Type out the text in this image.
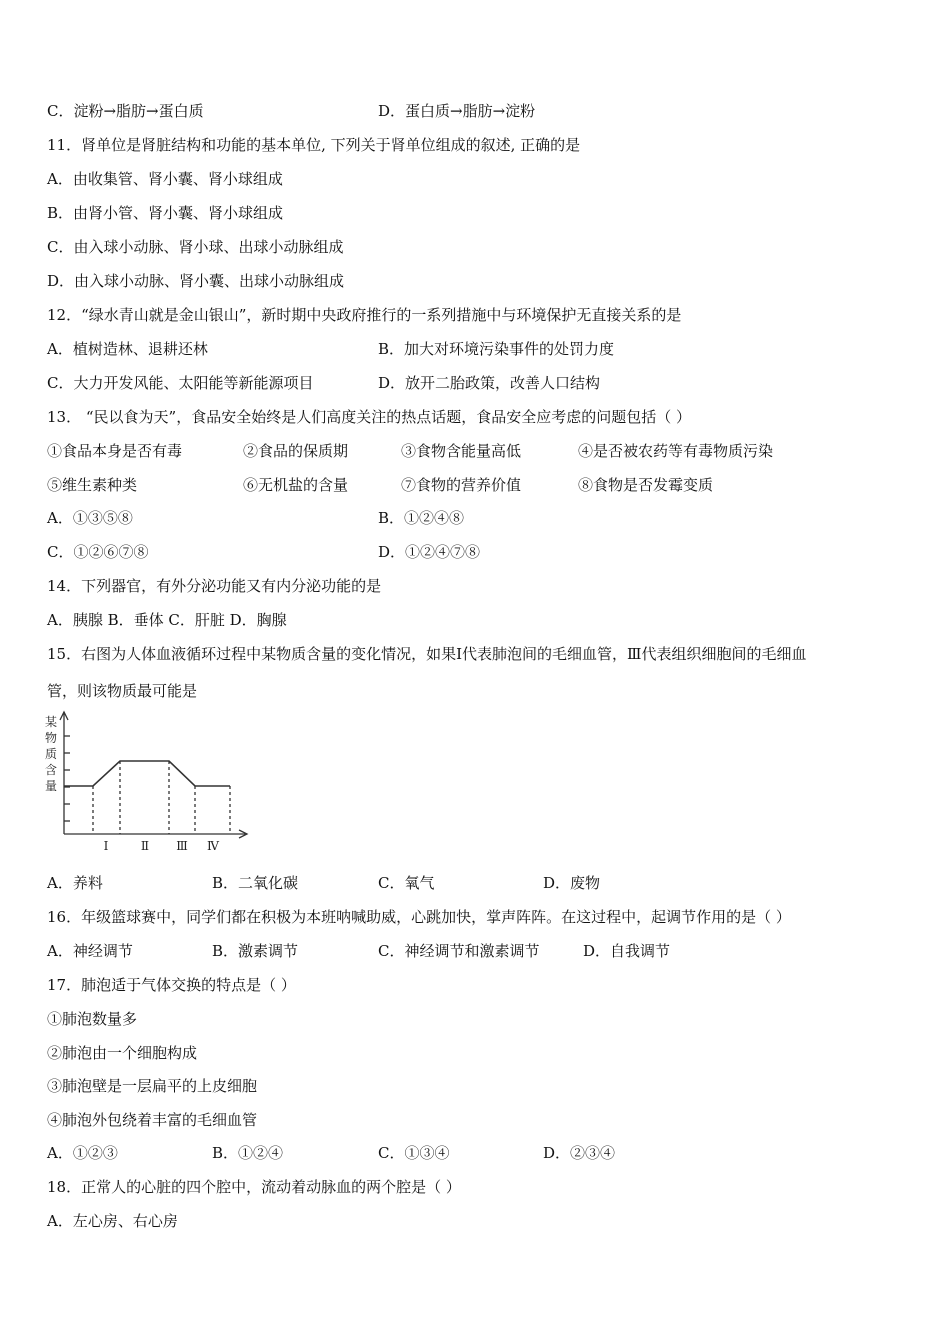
C．淀粉→脂肪→蛋白质	D．蛋白质→脂肪→淀粉
11．肾单位是肾脏结构和功能的基本单位, 下列关于肾单位组成的叙述, 正确的是
A．由收集管、肾小囊、肾小球组成
B．由肾小管、肾小囊、肾小球组成
C．由入球小动脉、肾小球、出球小动脉组成
D．由入球小动脉、肾小囊、出球小动脉组成
12．“绿水青山就是金山银山”，新时期中央政府推行的一系列措施中与环境保护无直接关系的是
A．植树造林、退耕还林	B．加大对环境污染事件的处罚力度
C．大力开发风能、太阳能等新能源项目	D．放开二胎政策，改善人口结构
13． “民以食为天”，食品安全始终是人们高度关注的热点话题，食品安全应考虑的问题包括（ ）
①食品本身是否有毒	②食品的保质期	③食物含能量高低	④是否被农药等有毒物质污染
⑤维生素种类	⑥无机盐的含量	⑦食物的营养价值	⑧食物是否发霉变质
A．①③⑤⑧	B．①②④⑧
C．①②⑥⑦⑧	D．①②④⑦⑧
14．下列器官，有外分泌功能又有内分泌功能的是
A．胰腺 B．垂体 C．肝脏 D．胸腺
15．右图为人体血液循环过程中某物质含量的变化情况，如果Ⅰ代表肺泡间的毛细血管，Ⅲ代表组织细胞间的毛细血
管，则该物质最可能是
某
物
质
含
量
Ⅰ	Ⅱ Ⅲ Ⅳ
A．养料	B．二氧化碳	C．氧气	D．废物
16．年级篮球赛中，同学们都在积极为本班呐喊助威，心跳加快，掌声阵阵。在这过程中，起调节作用的是（ ）
A．神经调节	B．激素调节	C．神经调节和激素调节	D．自我调节
17．肺泡适于气体交换的特点是（ ）
①肺泡数量多
②肺泡由一个细胞构成
③肺泡壁是一层扁平的上皮细胞
④肺泡外包绕着丰富的毛细血管
A．①②③	B．①②④	C．①③④	D．②③④
18．正常人的心脏的四个腔中，流动着动脉血的两个腔是（ ）
A．左心房、右心房
